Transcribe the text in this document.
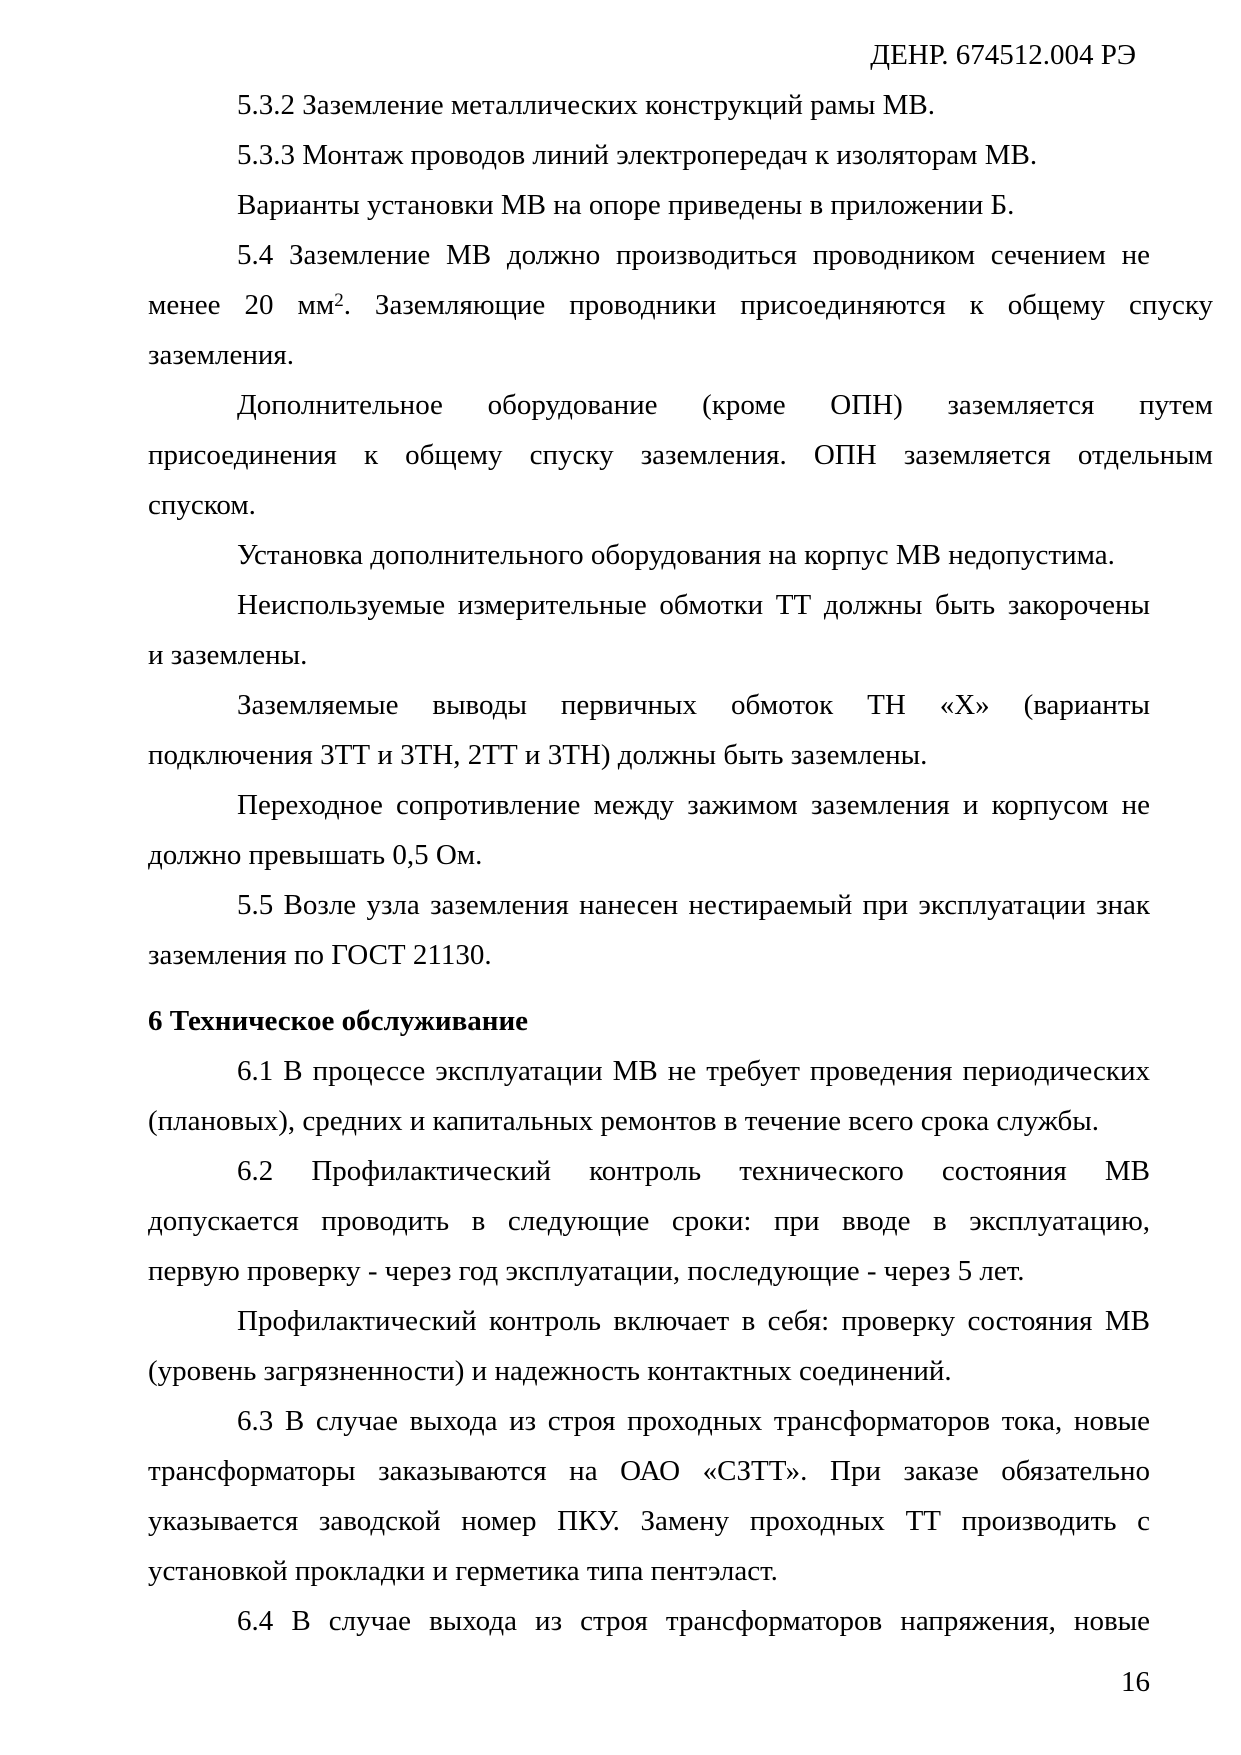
ДЕНР. 674512.004 РЭ
5.3.2 Заземление металлических конструкций рамы МВ.
5.3.3 Монтаж проводов линий электропередач к изоляторам МВ.
Варианты установки МВ на опоре приведены в приложении Б.
5.4 Заземление МВ должно производиться проводником сечением не
менее 20 $мм^2$. Заземляющие проводники присоединяются к общему спуску
заземления.
Дополнительное оборудование (кроме ОПН) заземляется путем
присоединения к общему спуску заземления. ОПН заземляется отдельным
спуском.
Установка дополнительного оборудования на корпус МВ недопустима.
Неиспользуемые измерительные обмотки ТТ должны быть закорочены
и заземлены.
Заземляемые выводы первичных обмоток ТН «Х» (варианты
подключения 3ТТ и 3ТН, 2ТТ и 3ТН) должны быть заземлены.
Переходное сопротивление между зажимом заземления и корпусом не
должно превышать 0,5 Ом.
5.5 Возле узла заземления нанесен нестираемый при эксплуатации знак
заземления по ГОСТ 21130.
6 Техническое обслуживание
6.1 В процессе эксплуатации МВ не требует проведения периодических
(плановых), средних и капитальных ремонтов в течение всего срока службы.
6.2 Профилактический контроль технического состояния МВ
допускается проводить в следующие сроки: при вводе в эксплуатацию,
первую проверку - через год эксплуатации, последующие - через 5 лет.
Профилактический контроль включает в себя: проверку состояния МВ
(уровень загрязненности) и надежность контактных соединений.
6.3 В случае выхода из строя проходных трансформаторов тока, новые
трансформаторы заказываются на ОАО «СЗТТ». При заказе обязательно
указывается заводской номер ПКУ. Замену проходных ТТ производить с
установкой прокладки и герметика типа пентэласт.
6.4 В случае выхода из строя трансформаторов напряжения, новые
16
